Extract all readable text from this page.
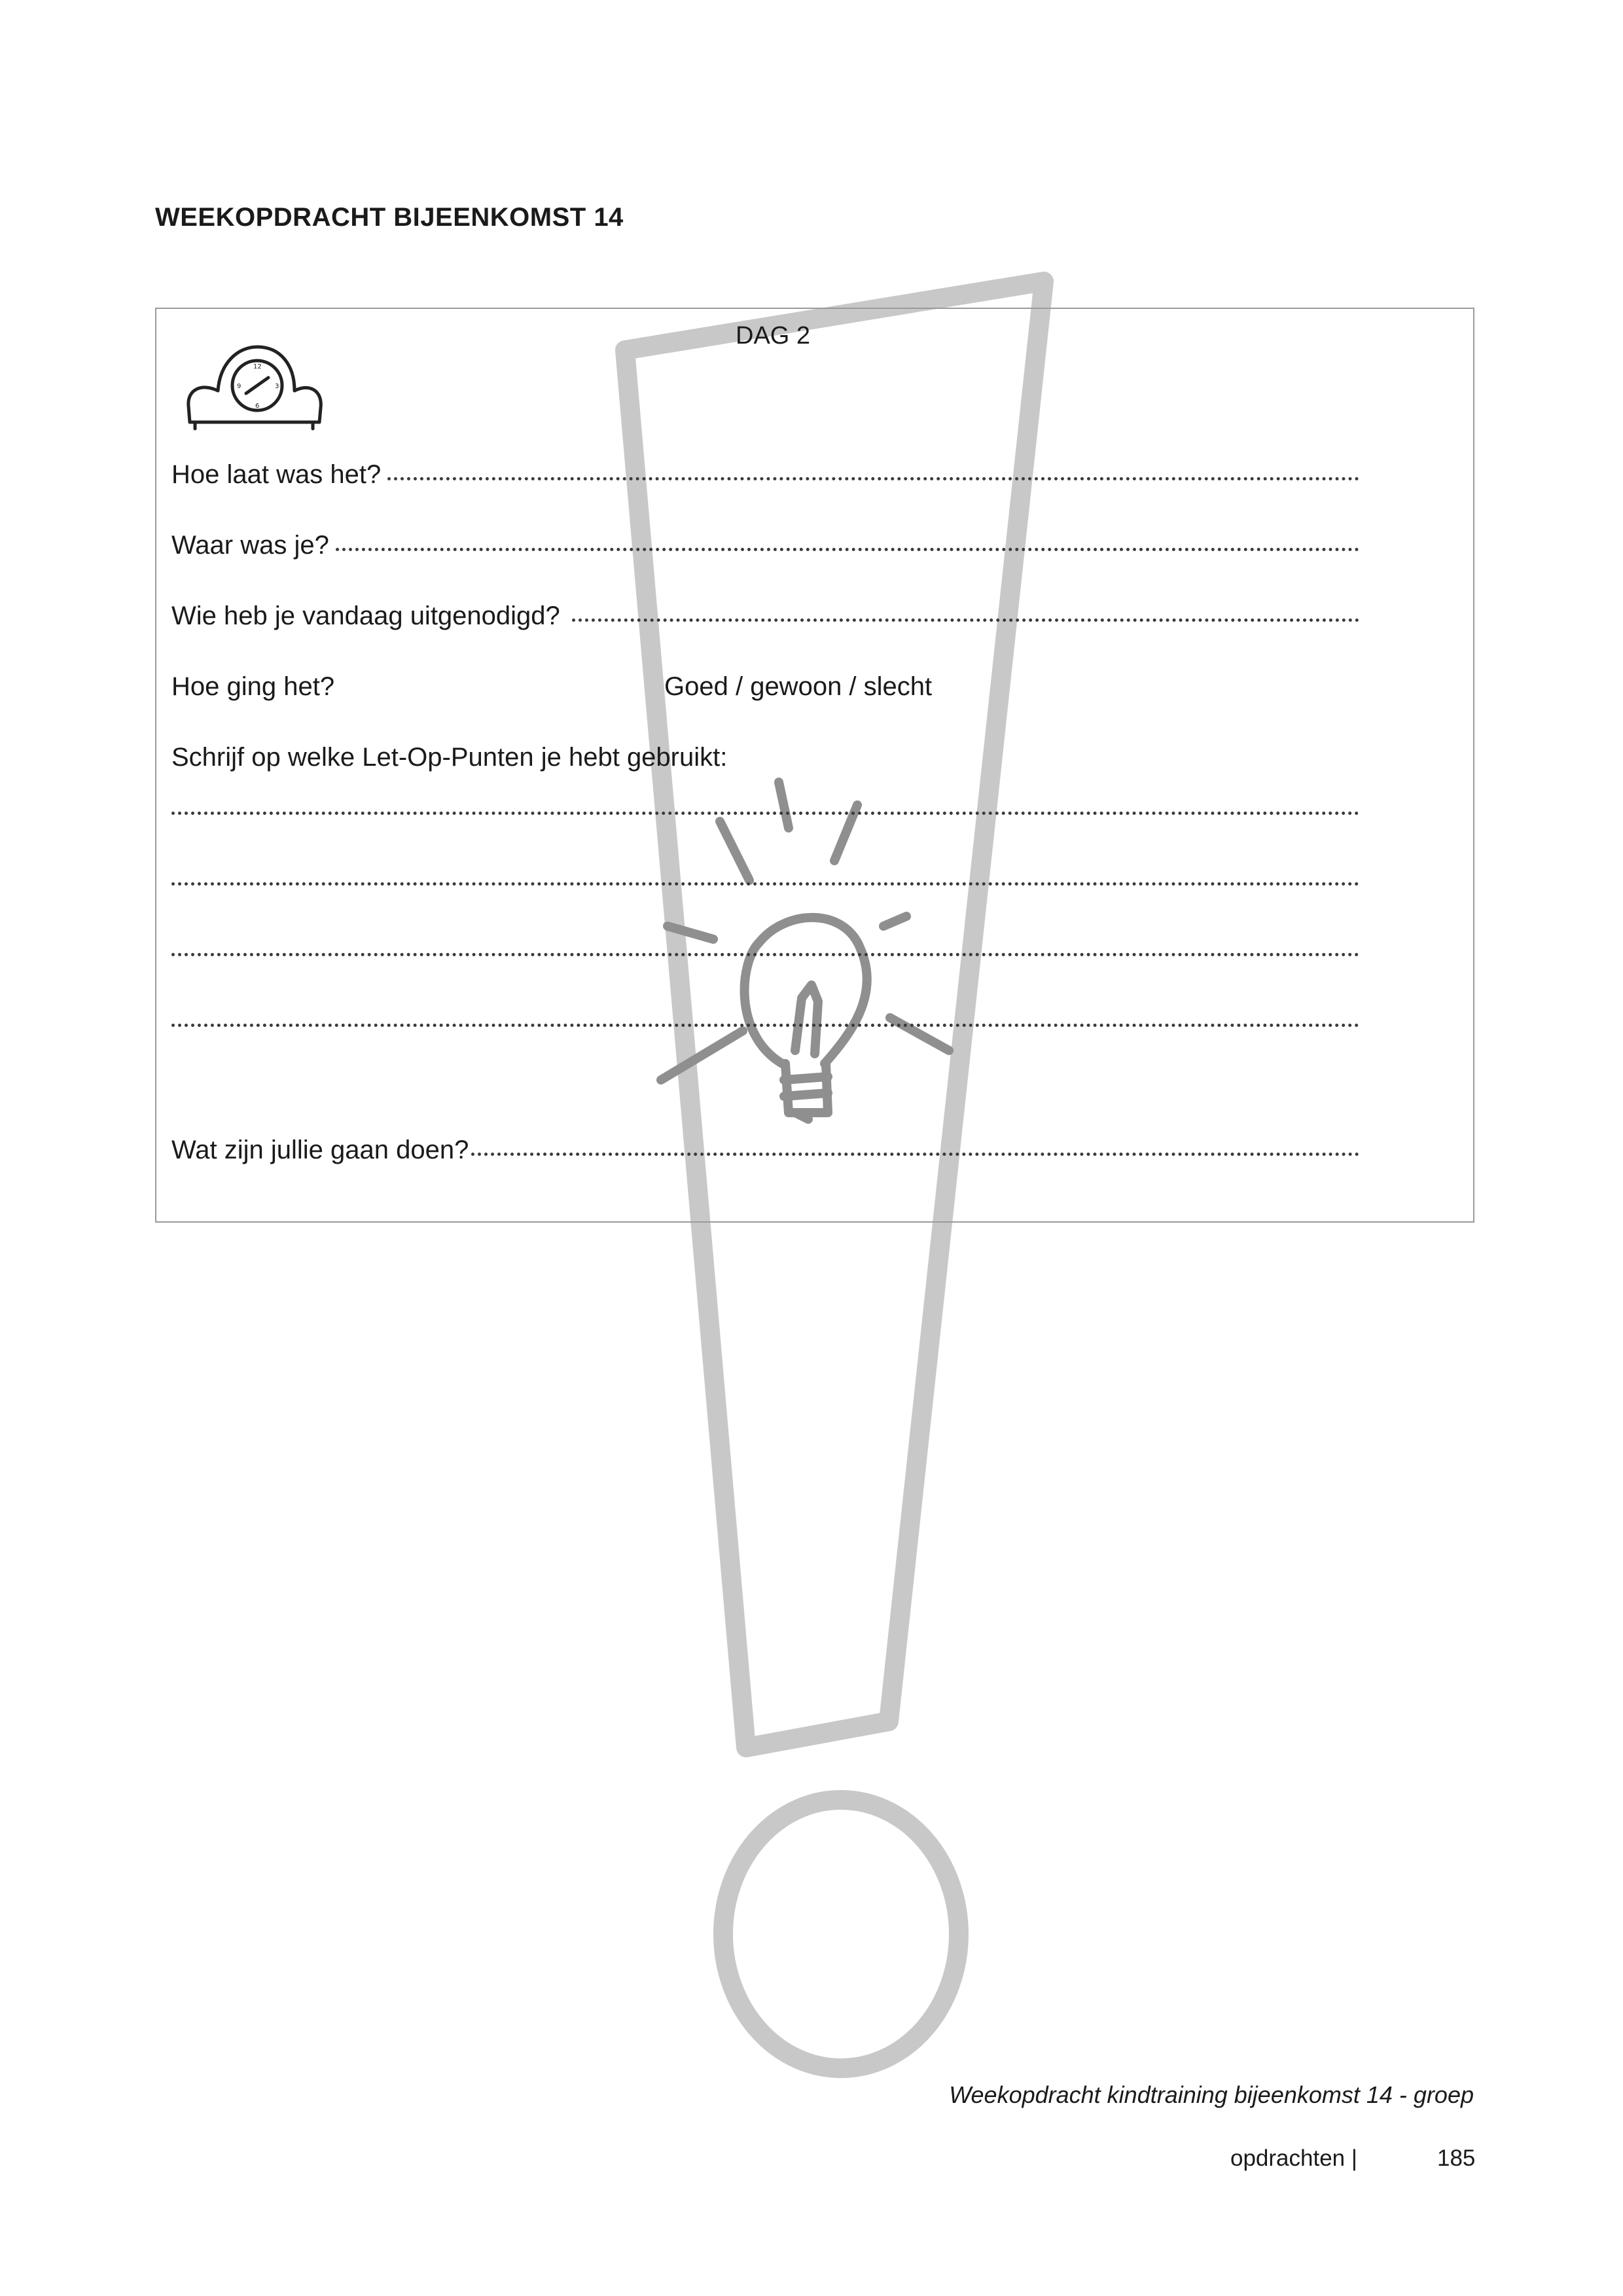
WEEKOPDRACHT BIJEENKOMST 14
DAG 2
12
3
6
9
Hoe laat was het?
Waar was je?
Wie heb je vandaag uitgenodigd?
Hoe ging het?	Goed / gewoon / slecht
Schrijf op welke Let-Op-Punten je hebt gebruikt:
Wat zijn jullie gaan doen?
Weekopdracht kindtraining bijeenkomst 14 - groep
opdrachten |	185
